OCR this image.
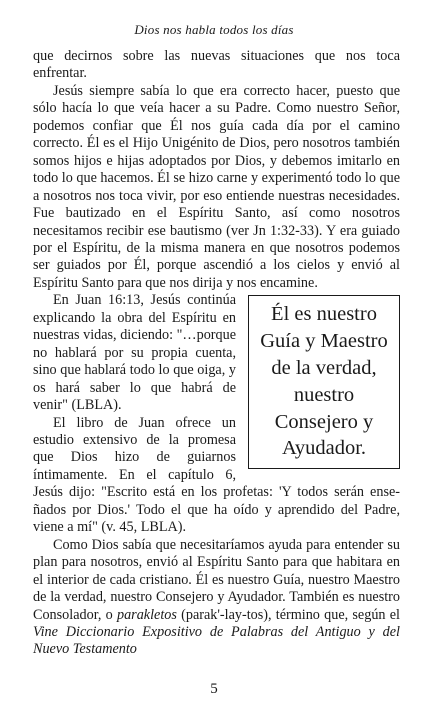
Dios nos habla todos los días

que decirnos sobre las nuevas situaciones que nos toca enfrentar.

Jesús siempre sabía lo que era correcto hacer, puesto que sólo hacía lo que veía hacer a su Padre. Como nuestro Señor, podemos confiar que Él nos guía cada día por el camino correcto. Él es el Hijo Unigénito de Dios, pero nosotros también somos hijos e hijas adoptados por Dios, y debemos imitarlo en todo lo que hacemos. Él se hizo carne y experimentó todo lo que a nosotros nos toca vivir, por eso entiende nuestras necesidades. Fue bautizado en el Espíritu Santo, así como nosotros necesitamos recibir ese bautismo (ver Jn 1:32-33). Y era guiado por el Espíritu, de la misma manera en que nosotros podemos ser guiados por Él, porque ascendió a los cielos y envió al Espíritu Santo para que nos dirija y nos encamine.

Él es nuestro Guía y Maestro de la verdad, nuestro Consejero y Ayudador.

En Juan 16:13, Jesús continúa explicando la obra del Espíritu en nuestras vidas, diciendo: "…porque no hablará por su propia cuenta, sino que hablará todo lo que oiga, y os hará saber lo que habrá de venir" (LBLA).

El libro de Juan ofrece un estudio extensivo de la promesa que Dios hizo de guiarnos íntimamente. En el capítulo 6, Jesús dijo: "Escrito está en los profetas: 'Y todos serán enseñados por Dios.' Todo el que ha oído y aprendido del Padre, viene a mí" (v. 45, LBLA).

Como Dios sabía que necesitaríamos ayuda para entender su plan para nosotros, envió al Espíritu Santo para que habitara en el interior de cada cristiano. Él es nuestro Guía, nuestro Maestro de la verdad, nuestro Consejero y Ayudador. También es nuestro Consolador, o parakletos (parak'-lay-tos), término que, según el Vine Diccionario Expositivo de Palabras del Antiguo y del Nuevo Testamento

5
